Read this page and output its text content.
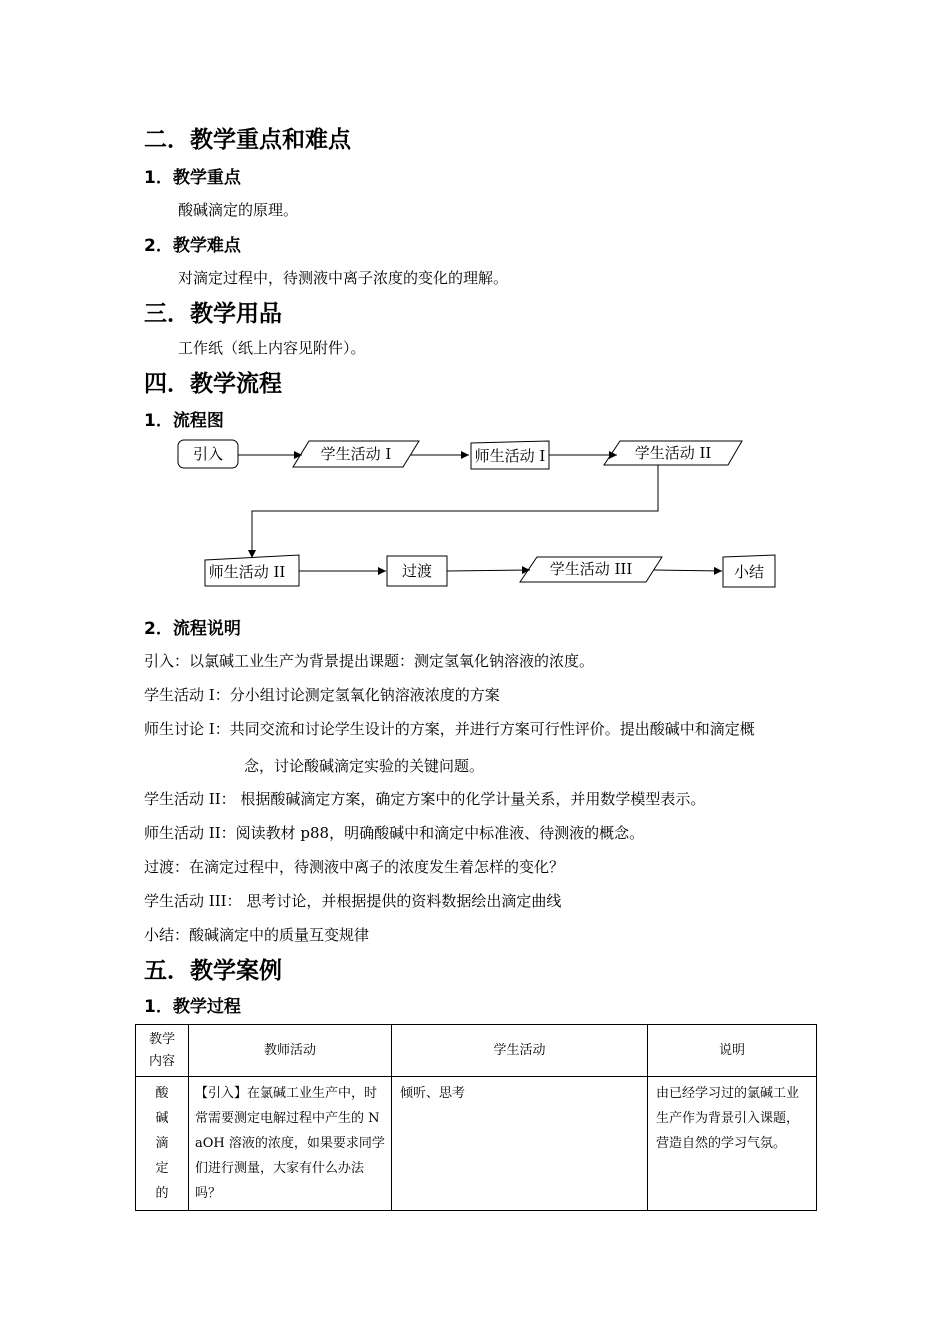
二．教学重点和难点
1．教学重点
酸碱滴定的原理。
2．教学难点
对滴定过程中，待测液中离子浓度的变化的理解。
三．教学用品
工作纸（纸上内容见附件）。
四．教学流程
1．流程图
引入	学生活动 I	师生活动 I	学生活动 II
师生活动 II	过渡	学生活动 III	小结
2．流程说明
引入：以氯碱工业生产为背景提出课题：测定氢氧化钠溶液的浓度。
学生活动 I：分小组讨论测定氢氧化钠溶液浓度的方案
师生讨论 I：共同交流和讨论学生设计的方案，并进行方案可行性评价。提出酸碱中和滴定概
念，讨论酸碱滴定实验的关键问题。
学生活动 II： 根据酸碱滴定方案，确定方案中的化学计量关系，并用数学模型表示。
师生活动 II：阅读教材 p88，明确酸碱中和滴定中标准液、待测液的概念。
过渡：在滴定过程中，待测液中离子的浓度发生着怎样的变化？
学生活动 III： 思考讨论，并根据提供的资料数据绘出滴定曲线
小结：酸碱滴定中的质量互变规律
五．教学案例
1．教学过程
教学内容	教师活动	学生活动	说明
酸碱滴定的	【引入】在氯碱工业生产中，时常需要测定电解过程中产生的 NaOH 溶液的浓度，如果要求同学们进行测量，大家有什么办法吗？	倾听、思考	由已经学习过的氯碱工业生产作为背景引入课题，营造自然的学习气氛。
